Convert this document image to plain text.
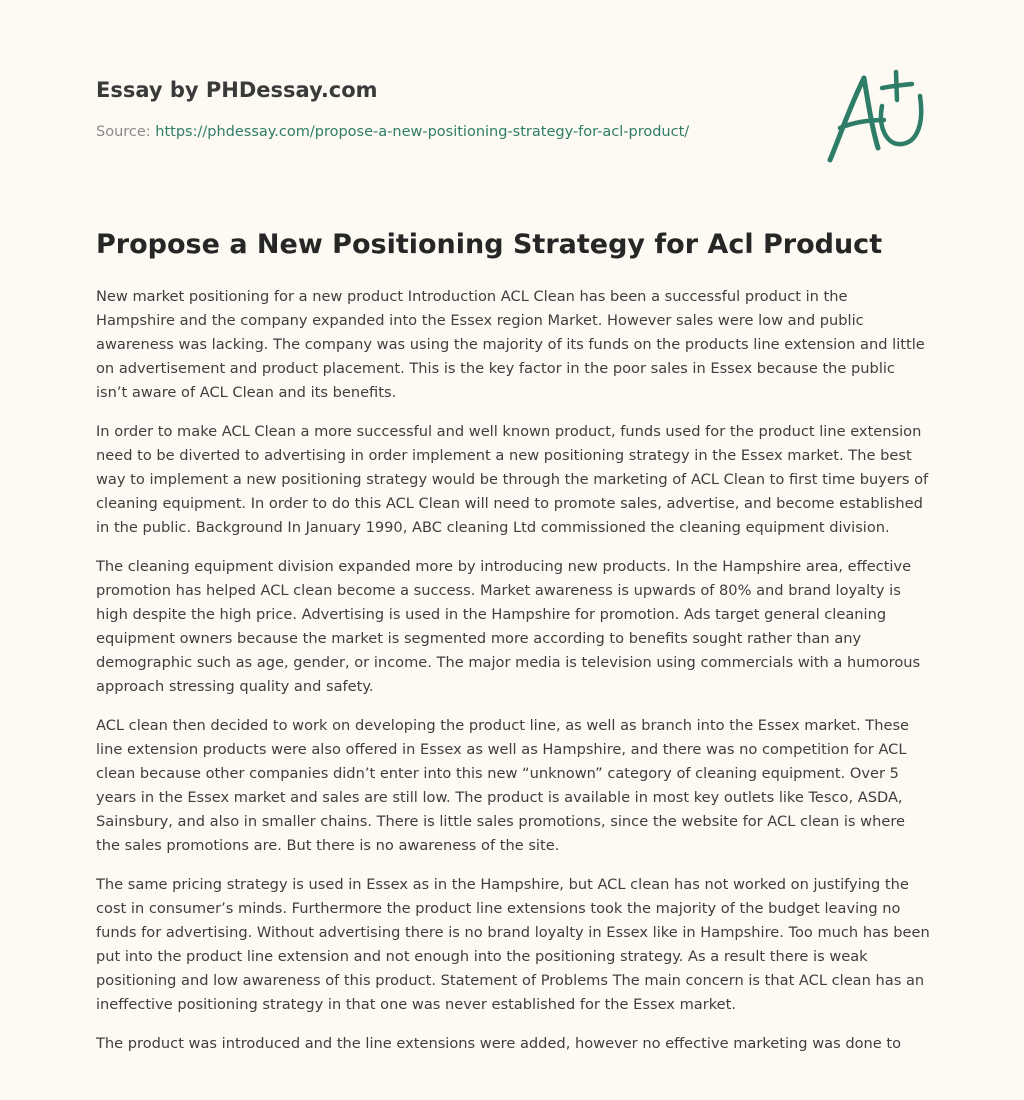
Essay by PHDessay.com
Source: https://phdessay.com/propose-a-new-positioning-strategy-for-acl-product/
Propose a New Positioning Strategy for Acl Product

New market positioning for a new product Introduction ACL Clean has been a successful product in the Hampshire and the company expanded into the Essex region Market. However sales were low and public awareness was lacking. The company was using the majority of its funds on the products line extension and little on advertisement and product placement. This is the key factor in the poor sales in Essex because the public isn’t aware of ACL Clean and its benefits.

In order to make ACL Clean a more successful and well known product, funds used for the product line extension need to be diverted to advertising in order implement a new positioning strategy in the Essex market. The best way to implement a new positioning strategy would be through the marketing of ACL Clean to first time buyers of cleaning equipment. In order to do this ACL Clean will need to promote sales, advertise, and become established in the public. Background In January 1990, ABC cleaning Ltd commissioned the cleaning equipment division.

The cleaning equipment division expanded more by introducing new products. In the Hampshire area, effective promotion has helped ACL clean become a success. Market awareness is upwards of 80% and brand loyalty is high despite the high price. Advertising is used in the Hampshire for promotion. Ads target general cleaning equipment owners because the market is segmented more according to benefits sought rather than any demographic such as age, gender, or income. The major media is television using commercials with a humorous approach stressing quality and safety.

ACL clean then decided to work on developing the product line, as well as branch into the Essex market. These line extension products were also offered in Essex as well as Hampshire, and there was no competition for ACL clean because other companies didn’t enter into this new “unknown” category of cleaning equipment. Over 5 years in the Essex market and sales are still low. The product is available in most key outlets like Tesco, ASDA, Sainsbury, and also in smaller chains. There is little sales promotions, since the website for ACL clean is where the sales promotions are. But there is no awareness of the site.

The same pricing strategy is used in Essex as in the Hampshire, but ACL clean has not worked on justifying the cost in consumer’s minds. Furthermore the product line extensions took the majority of the budget leaving no funds for advertising. Without advertising there is no brand loyalty in Essex like in Hampshire. Too much has been put into the product line extension and not enough into the positioning strategy. As a result there is weak positioning and low awareness of this product. Statement of Problems The main concern is that ACL clean has an ineffective positioning strategy in that one was never established for the Essex market.

The product was introduced and the line extensions were added, however no effective marketing was done to
